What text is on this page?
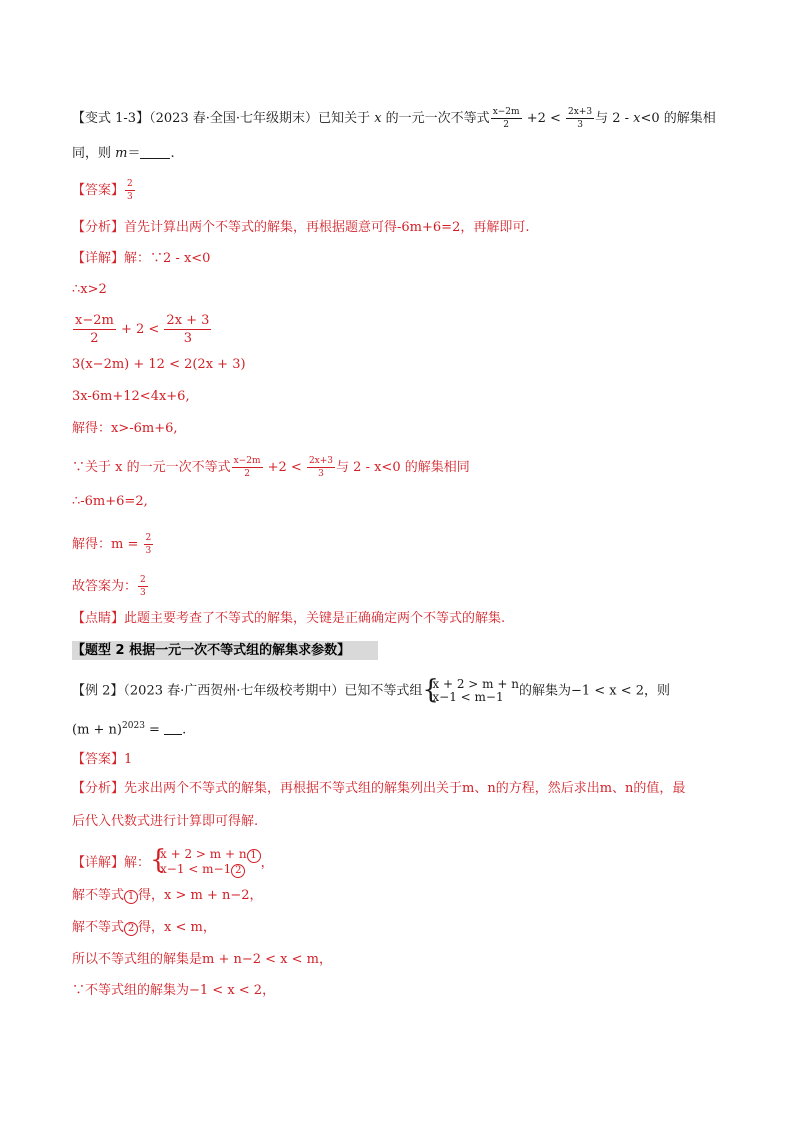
【变式 1-3】（2023 春·全国·七年级期末）已知关于 x 的一元一次不等式 $\frac{x-2m}{2} +2 < \frac{2x+3}{3}$ 与 2 - x<0 的解集相
同，则 m＝ .
【答案】 $\frac{2}{3}$
【分析】首先计算出两个不等式的解集，再根据题意可得-6m+6=2，再解即可.
【详解】解：∵2 - x<0
∴x>2
$\frac{x-2m}{2} + 2 < \frac{2x + 3}{3}$
3(x−2m) + 12 < 2(2x + 3)
3x-6m+12<4x+6,
解得：x>-6m+6,
∵关于 x 的一元一次不等式 $\frac{x-2m}{2} +2 < \frac{2x+3}{3}$ 与 2 - x<0 的解集相同
∴-6m+6=2,
解得：$m = \frac{2}{3}$
故答案为： $\frac{2}{3}$
【点睛】此题主要考查了不等式的解集，关键是正确确定两个不等式的解集.
【题型 2 根据一元一次不等式组的解集求参数】
【例 2】（2023 春·广西贺州·七年级校考期中）已知不等式组 {
x + 2 > m + n
x−1 < m−1	的解集为−1 < x < 2，则
$(m + n)^{2023}$ = .
【答案】1
【分析】先求出两个不等式的解集，再根据不等式组的解集列出关于m、n的方程，然后求出m、n的值，最
后代入代数式进行计算即可得解.
【详解】解： {
x + 2 > m + n 1
x−1 < m−1 2	，
解不等式 1 得，x > m + n−2，
解不等式 2 得，x < m，
所以不等式组的解集是m + n−2 < x < m，
∵不等式组的解集为−1 < x < 2，
